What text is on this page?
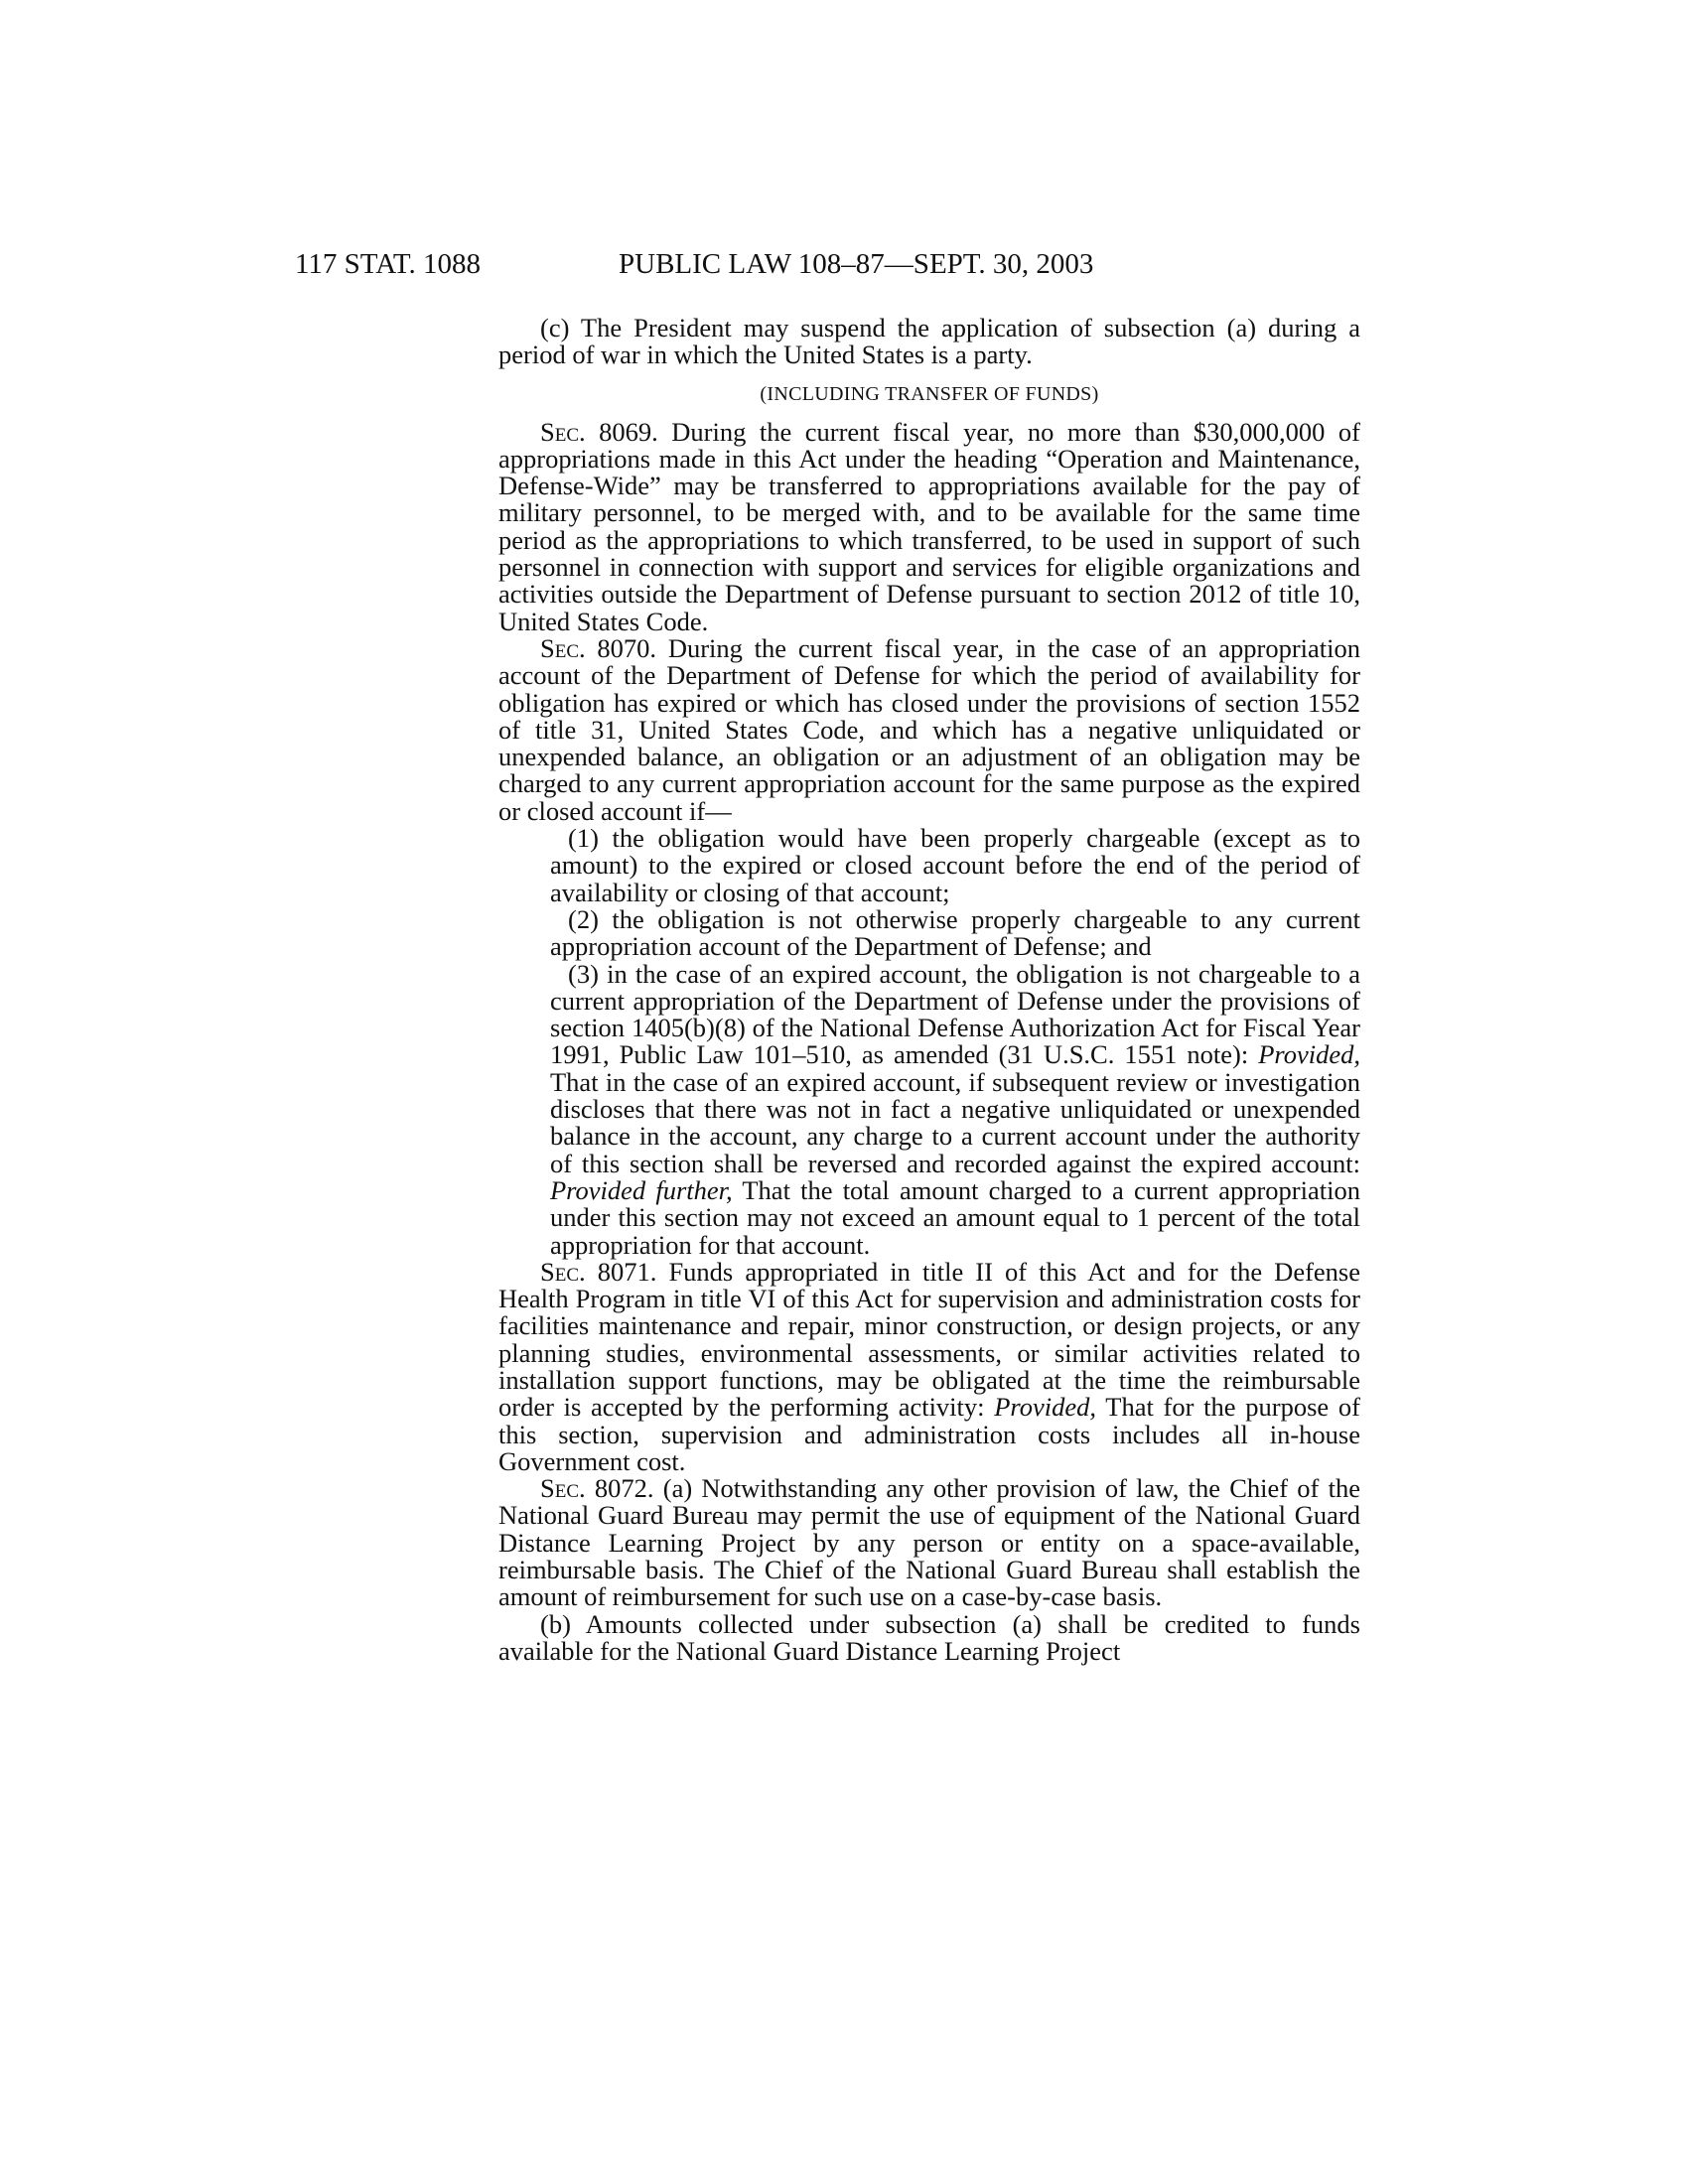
117 STAT. 1088	PUBLIC LAW 108–87—SEPT. 30, 2003

(c) The President may suspend the application of subsection (a) during a period of war in which the United States is a party.

(INCLUDING TRANSFER OF FUNDS)

Sec. 8069. During the current fiscal year, no more than $30,000,000 of appropriations made in this Act under the heading “Operation and Maintenance, Defense-Wide” may be transferred to appropriations available for the pay of military personnel, to be merged with, and to be available for the same time period as the appropriations to which transferred, to be used in support of such personnel in connection with support and services for eligible organizations and activities outside the Department of Defense pursuant to section 2012 of title 10, United States Code.

Sec. 8070. During the current fiscal year, in the case of an appropriation account of the Department of Defense for which the period of availability for obligation has expired or which has closed under the provisions of section 1552 of title 31, United States Code, and which has a negative unliquidated or unexpended balance, an obligation or an adjustment of an obligation may be charged to any current appropriation account for the same purpose as the expired or closed account if—

(1) the obligation would have been properly chargeable (except as to amount) to the expired or closed account before the end of the period of availability or closing of that account;

(2) the obligation is not otherwise properly chargeable to any current appropriation account of the Department of Defense; and

(3) in the case of an expired account, the obligation is not chargeable to a current appropriation of the Department of Defense under the provisions of section 1405(b)(8) of the National Defense Authorization Act for Fiscal Year 1991, Public Law 101–510, as amended (31 U.S.C. 1551 note): Provided, That in the case of an expired account, if subsequent review or investigation discloses that there was not in fact a negative unliquidated or unexpended balance in the account, any charge to a current account under the authority of this section shall be reversed and recorded against the expired account: Provided further, That the total amount charged to a current appropriation under this section may not exceed an amount equal to 1 percent of the total appropriation for that account.

Sec. 8071. Funds appropriated in title II of this Act and for the Defense Health Program in title VI of this Act for supervision and administration costs for facilities maintenance and repair, minor construction, or design projects, or any planning studies, environmental assessments, or similar activities related to installation support functions, may be obligated at the time the reimbursable order is accepted by the performing activity: Provided, That for the purpose of this section, supervision and administration costs includes all in-house Government cost.

Sec. 8072. (a) Notwithstanding any other provision of law, the Chief of the National Guard Bureau may permit the use of equipment of the National Guard Distance Learning Project by any person or entity on a space-available, reimbursable basis. The Chief of the National Guard Bureau shall establish the amount of reimbursement for such use on a case-by-case basis.

(b) Amounts collected under subsection (a) shall be credited to funds available for the National Guard Distance Learning Project
